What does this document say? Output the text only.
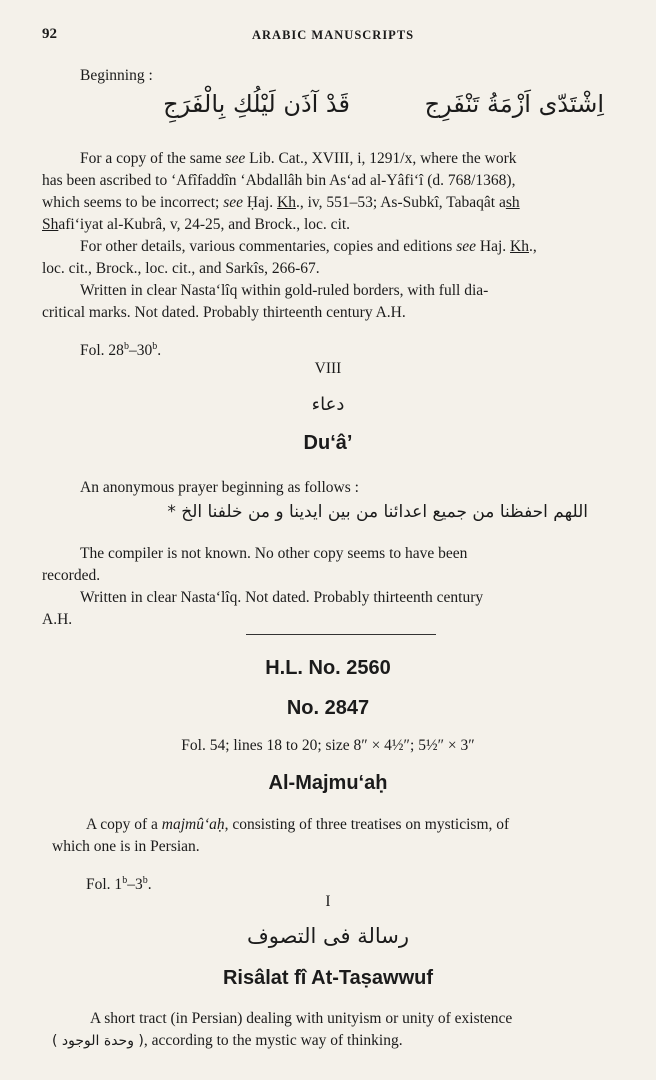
92	ARABIC MANUSCRIPTS
Beginning :
اِشْتَدّى اَزْمَةُ تَنْفَرِج
قَدْ آذَن لَيْلُكِ بِالْفَرَجِ
For a copy of the same see Lib. Cat., XVIII, i, 1291/x, where the work
has been ascribed to ‘Afîfaddîn ‘Abdallâh bin As‘ad al-Yâfi‘î (d. 768/1368),
which seems to be incorrect; see Ḥaj. Kh., iv, 551–53; As-Subkî, Tabaqât ash
Shafi‘iyat al-Kubrâ, v, 24-25, and Brock., loc. cit.
For other details, various commentaries, copies and editions see Haj. Kh.,
loc. cit., Brock., loc. cit., and Sarkîs, 266-67.
Written in clear Nasta‘lîq within gold-ruled borders, with full dia-
critical marks. Not dated. Probably thirteenth century A.H.
Fol. 28$^b$–30$^b$.
VIII
دعاء
Du‘â’
An anonymous prayer beginning as follows :
اللهم احفظنا من جميع اعدائنا من بين ايدينا و من خلفنا الخ *
The compiler is not known. No other copy seems to have been
recorded.
Written in clear Nasta‘lîq. Not dated. Probably thirteenth century
A.H.
H.L. No. 2560
No. 2847
Fol. 54; lines 18 to 20; size 8″ × 4½″; 5½″ × 3″
Al-Majmu‘aḥ
A copy of a majmû‘aḥ, consisting of three treatises on mysticism, of
which one is in Persian.
Fol. 1$^b$–3$^b$.
I
رسالة فى التصوف
Risâlat fî At-Taṣawwuf
A short tract (in Persian) dealing with unityism or unity of existence
( وحدة الوجود ), according to the mystic way of thinking.
